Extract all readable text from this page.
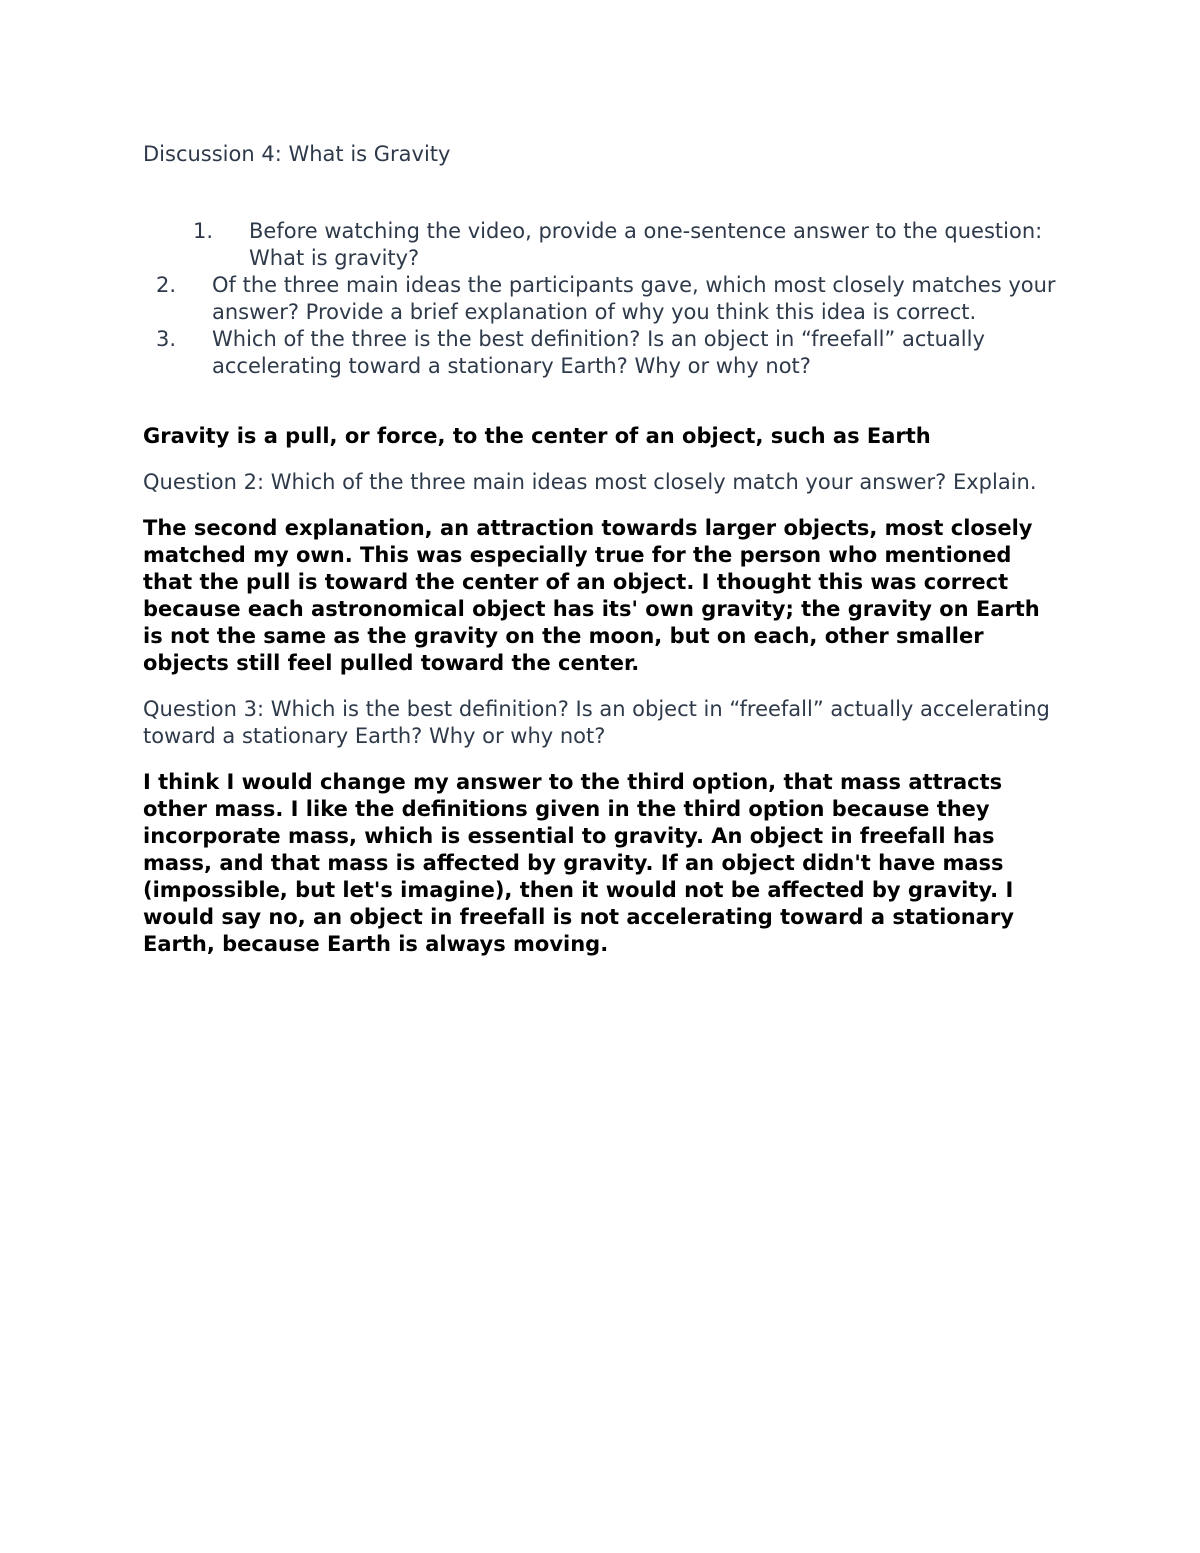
Discussion 4: What is Gravity

1. Before watching the video, provide a one-sentence answer to the question: What is gravity?
2. Of the three main ideas the participants gave, which most closely matches your answer? Provide a brief explanation of why you think this idea is correct.
3. Which of the three is the best definition? Is an object in “freefall” actually accelerating toward a stationary Earth? Why or why not?

Gravity is a pull, or force, to the center of an object, such as Earth

Question 2: Which of the three main ideas most closely match your answer? Explain.

The second explanation, an attraction towards larger objects, most closely matched my own. This was especially true for the person who mentioned that the pull is toward the center of an object. I thought this was correct because each astronomical object has its' own gravity; the gravity on Earth is not the same as the gravity on the moon, but on each, other smaller objects still feel pulled toward the center.

Question 3: Which is the best definition? Is an object in “freefall” actually accelerating toward a stationary Earth? Why or why not?

I think I would change my answer to the third option, that mass attracts other mass. I like the definitions given in the third option because they incorporate mass, which is essential to gravity. An object in freefall has mass, and that mass is affected by gravity. If an object didn't have mass (impossible, but let's imagine), then it would not be affected by gravity. I would say no, an object in freefall is not accelerating toward a stationary Earth, because Earth is always moving.
